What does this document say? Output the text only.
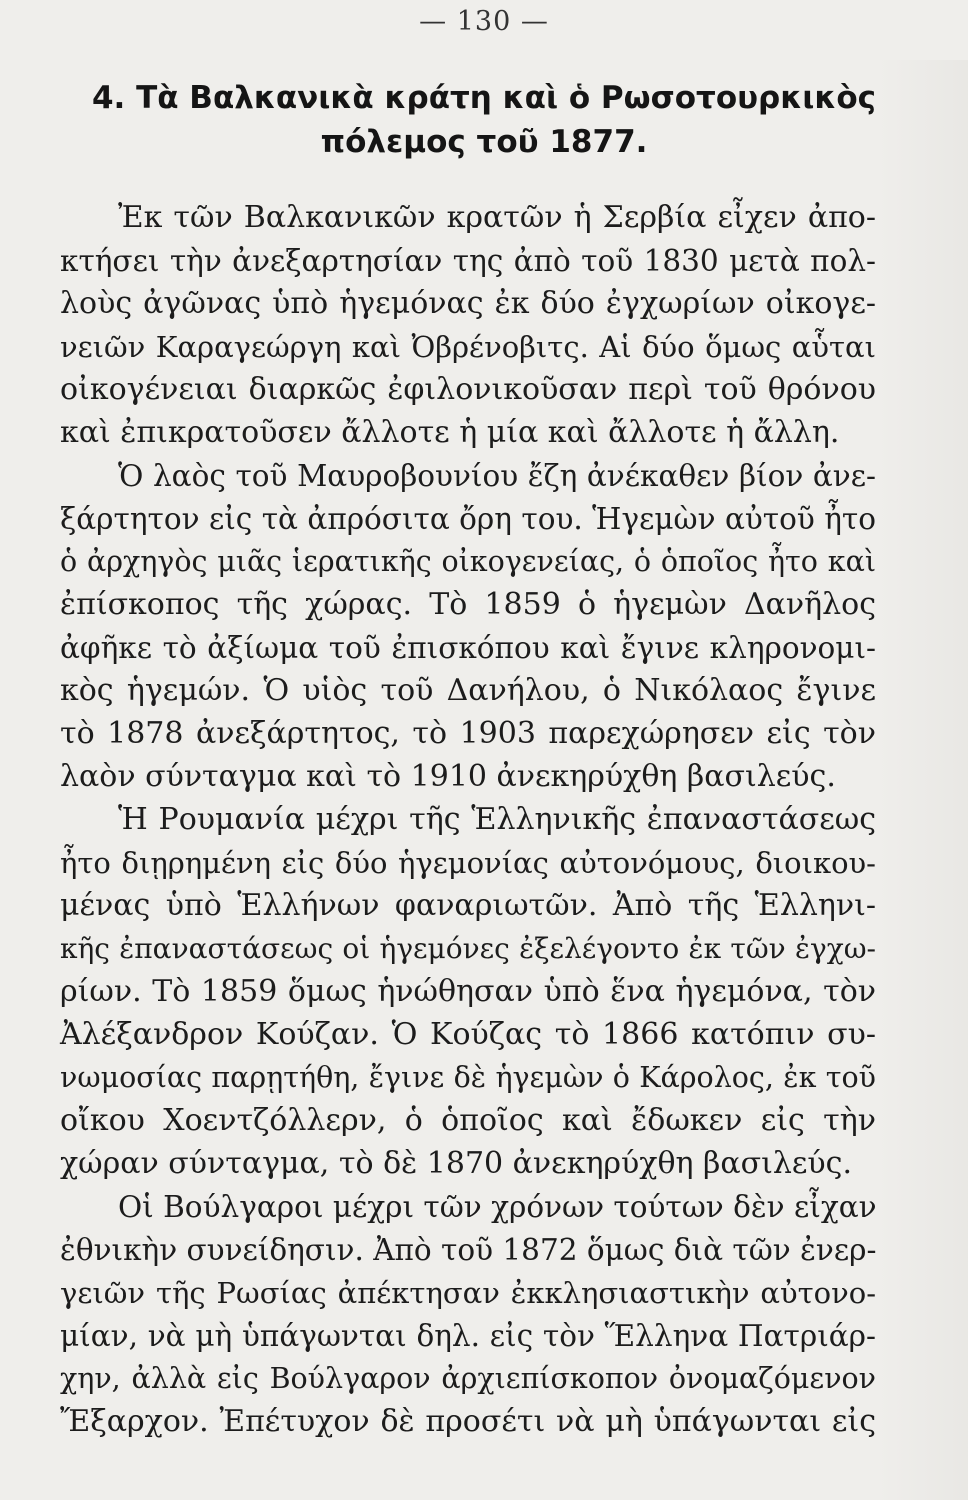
— 130 —
4. Τὰ Βαλκανικὰ κράτη καὶ ὁ Ρωσοτουρκικὸς
πόλεμος τοῦ 1877.
Ἐκ τῶν Βαλκανικῶν κρατῶν ἡ Σερβία εἶχεν ἀπο-
κτήσει τὴν ἀνεξαρτησίαν της ἀπὸ τοῦ 1830 μετὰ πολ-
λοὺς ἀγῶνας ὑπὸ ἡγεμόνας ἐκ δύο ἐγχωρίων οἰκογε-
νειῶν Καραγεώργη καὶ Ὀβρένοβιτς. Αἱ δύο ὅμως αὗται
οἰκογένειαι διαρκῶς ἐφιλονικοῦσαν περὶ τοῦ θρόνου
καὶ ἐπικρατοῦσεν ἄλλοτε ἡ μία καὶ ἄλλοτε ἡ ἄλλη.
Ὁ λαὸς τοῦ Μαυροβουνίου ἔζη ἀνέκαθεν βίον ἀνε-
ξάρτητον εἰς τὰ ἀπρόσιτα ὄρη του. Ἡγεμὼν αὐτοῦ ἦτο
ὁ ἀρχηγὸς μιᾶς ἱερατικῆς οἰκογενείας, ὁ ὁποῖος ἦτο καὶ
ἐπίσκοπος τῆς χώρας. Τὸ 1859 ὁ ἡγεμὼν Δανῆλος
ἀφῆκε τὸ ἀξίωμα τοῦ ἐπισκόπου καὶ ἔγινε κληρονομι-
κὸς ἡγεμών. Ὁ υἱὸς τοῦ Δανήλου, ὁ Νικόλαος ἔγινε
τὸ 1878 ἀνεξάρτητος, τὸ 1903 παρεχώρησεν εἰς τὸν
λαὸν σύνταγμα καὶ τὸ 1910 ἀνεκηρύχθη βασιλεύς.
Ἡ Ρουμανία μέχρι τῆς Ἑλληνικῆς ἐπαναστάσεως
ἦτο διῃρημένη εἰς δύο ἡγεμονίας αὐτονόμους, διοικου-
μένας ὑπὸ Ἑλλήνων φαναριωτῶν. Ἀπὸ τῆς Ἑλληνι-
κῆς ἐπαναστάσεως οἱ ἡγεμόνες ἐξελέγοντο ἐκ τῶν ἐγχω-
ρίων. Τὸ 1859 ὅμως ἡνώθησαν ὑπὸ ἕνα ἡγεμόνα, τὸν
Ἀλέξανδρον Κούζαν. Ὁ Κούζας τὸ 1866 κατόπιν συ-
νωμοσίας παρῃτήθη, ἔγινε δὲ ἡγεμὼν ὁ Κάρολος, ἐκ τοῦ
οἴκου Χοεντζόλλερν, ὁ ὁποῖος καὶ ἔδωκεν εἰς τὴν
χώραν σύνταγμα, τὸ δὲ 1870 ἀνεκηρύχθη βασιλεύς.
Οἱ Βούλγαροι μέχρι τῶν χρόνων τούτων δὲν εἶχαν
ἐθνικὴν συνείδησιν. Ἀπὸ τοῦ 1872 ὅμως διὰ τῶν ἐνερ-
γειῶν τῆς Ρωσίας ἀπέκτησαν ἐκκλησιαστικὴν αὐτονο-
μίαν, νὰ μὴ ὑπάγωνται δηλ. εἰς τὸν Ἕλληνα Πατριάρ-
χην, ἀλλὰ εἰς Βούλγαρον ἀρχιεπίσκοπον ὀνομαζόμενον
Ἔξαρχον. Ἐπέτυχον δὲ προσέτι νὰ μὴ ὑπάγωνται εἰς
